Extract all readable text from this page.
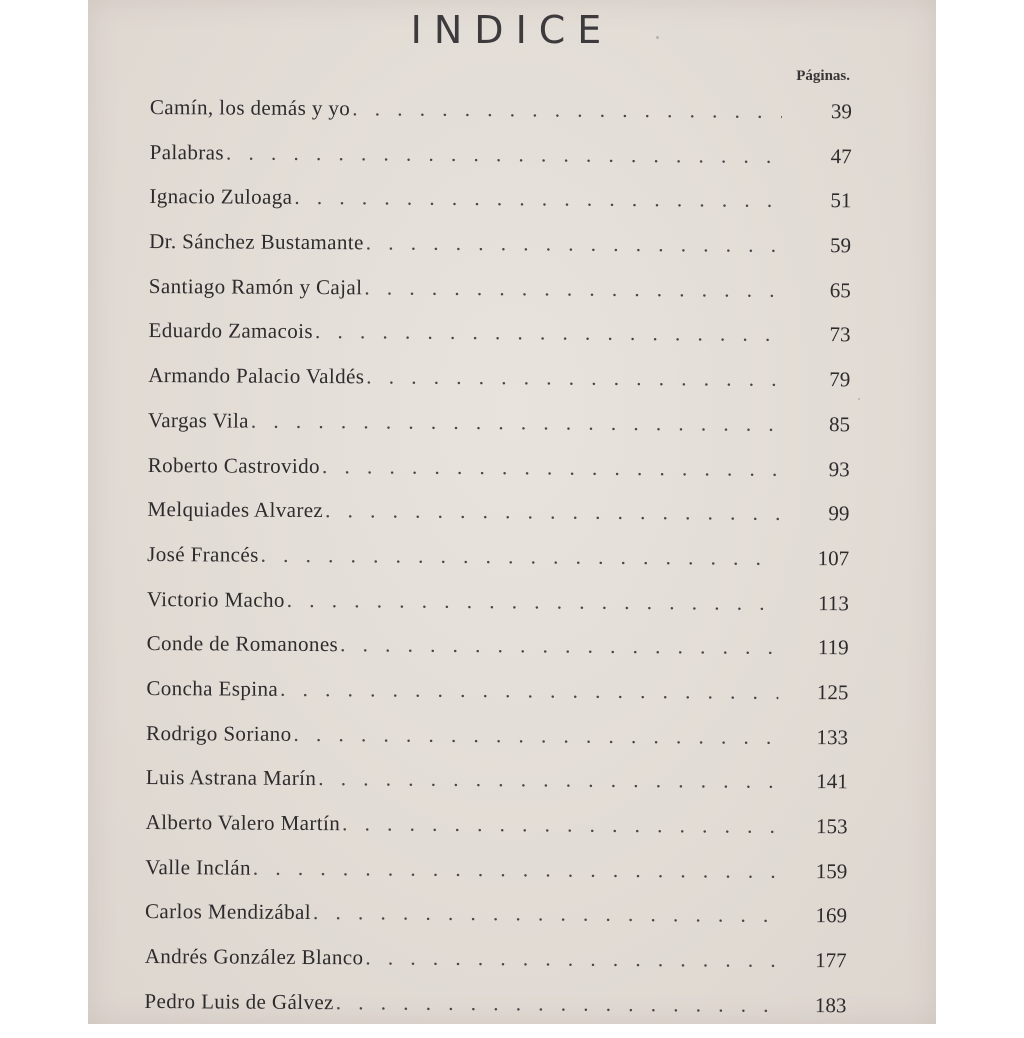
INDICE
Páginas.
Camín, los demás y yo . . .	39
Palabras . . .	47
Ignacio Zuloaga . . .	51
Dr. Sánchez Bustamante . . .	59
Santiago Ramón y Cajal . . .	65
Eduardo Zamacois . . .	73
Armando Palacio Valdés . . .	79
Vargas Vila . . .	85
Roberto Castrovido . . .	93
Melquiades Alvarez . . .	99
José Francés . . .	107
Victorio Macho . . .	113
Conde de Romanones . . .	119
Concha Espina . . .	125
Rodrigo Soriano . . .	133
Luis Astrana Marín . . .	141
Alberto Valero Martín . . .	153
Valle Inclán . . .	159
Carlos Mendizábal . . .	169
Andrés González Blanco . . .	177
Pedro Luis de Gálvez . . .	183
